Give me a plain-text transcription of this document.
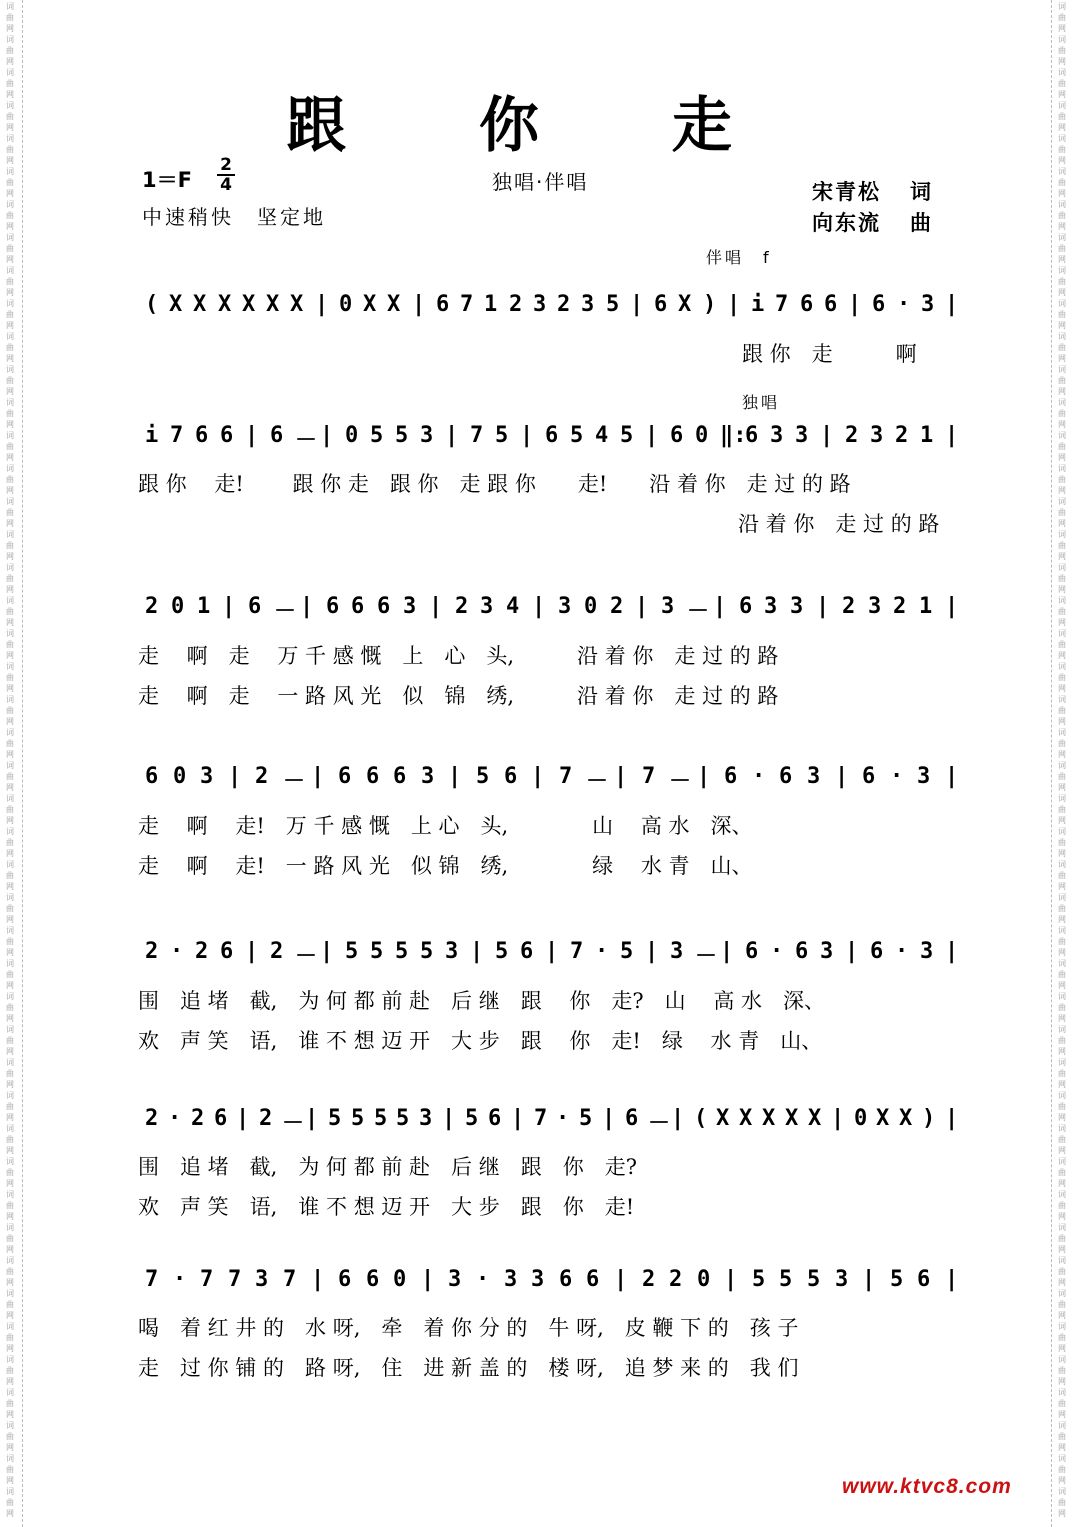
词
曲
网
词
曲
网
词
曲
网
词
曲
网
词
曲
网
词
曲
网
词
曲
网
词
曲
网
词
曲
网
词
曲
网
词
曲
网
词
曲
网
词
曲
网
词
曲
网
词
曲
网
词
曲
网
词
曲
网
词
曲
网
词
曲
网
词
曲
网
词
曲
网
词
曲
网
词
曲
网
词
曲
网
词
曲
网
词
曲
网
词
曲
网
词
曲
网
词
曲
网
词
曲
网
词
曲
网
词
曲
网
词
曲
网
词
曲
网
词
曲
网
词
曲
网
词
曲
网
词
曲
网
词
曲
网
词
曲
网
词
曲
网
词
曲
网
词
曲
网
词
曲
网
词
曲
网
词
曲
网
词
曲
网
词
曲
网
词
曲
网
词
曲
网
词
曲
网
词
曲
网
词
曲
网
词
曲
网
词
曲
网
词
曲
网
词
曲
网
词
曲
网
词
曲
网
词
曲
网
词
曲
网
词
曲
网
词
曲
网
词
曲
网
词
曲
网
词
曲
网
词
曲
网
词
曲
网
词
曲
网
词
曲
网
词
曲
网
词
曲
网
词
曲
网
词
曲
网
词
曲
网
词
曲
网
词
曲
网
词
曲
网
词
曲
网
词
曲
网
词
曲
网
词
曲
网
词
曲
网
词
曲
网
词
曲
网
词
曲
网
词
曲
网
词
曲
网
词
曲
网
词
曲
网
词
曲
网
词
曲
网
跟 你 走
1＝F
2
4
中速稍快　坚定地
独唱·伴唱	宋青松 词
向东流 曲
伴唱　f
独唱
( X X X X X X | 0 X X | 6 7 1 2 3 2 3 5 | 6 X ) | i 7 6 6 | 6 · 3 |
跟 你　走　　　啊
i 7 6 6 | 6 － | 0 5 5 3 | 7 5 | 6 5 4 5 | 6 0 ‖:
6 3 3 | 2 3 2 1 |
跟 你　 走!　　 跟 你 走　跟 你　走 跟 你　　走!　　沿 着 你　走 过 的 路
沿 着 你　走 过 的 路
2 0 1 | 6 － | 6 6 6 3 | 2 3 4 | 3 0 2 | 3 － | 6 3 3 | 2 3 2 1 |
走　 啊　走　 万 千 感 慨　上　心　头,　　　沿 着 你　走 过 的 路
走　 啊　走　 一 路 风 光　似　锦　绣,　　　沿 着 你　走 过 的 路
6 0 3 | 2 － | 6 6 6 3 | 5 6 | 7 － | 7 － | 6 · 6 3 | 6 · 3 |
走　 啊　 走!　万 千 感 慨　上 心　头,　　　　山　 高 水　深、
走　 啊　 走!　一 路 风 光　似 锦　绣,　　　　绿　 水 青　山、
2 · 2 6 | 2 － | 5 5 5 5 3 | 5 6 | 7 · 5 | 3 － | 6 · 6 3 | 6 · 3 |
围　追 堵　截,　为 何 都 前 赴　后 继　跟　 你　走?　山　 高 水　深、
欢　声 笑　语,　谁 不 想 迈 开　大 步　跟　 你　走!　绿　 水 青　山、
2 · 2 6 | 2 － | 5 5 5 5 3 | 5 6 | 7 · 5 | 6 － | ( X X X X X | 0 X X ) |
围　追 堵　截,　为 何 都 前 赴　后 继　跟　你　走?
欢　声 笑　语,　谁 不 想 迈 开　大 步　跟　你　走!
7 · 7 7 3 7 | 6 6 0 | 3 · 3 3 6 6 | 2 2 0 | 5 5 5 3 | 5 6 |
喝　着 红 井 的　水 呀,　牵　着 你 分 的　牛 呀,　皮 鞭 下 的　孩 子
走　过 你 铺 的　路 呀,　住　进 新 盖 的　楼 呀,　追 梦 来 的　我 们
www.ktvc8.com
